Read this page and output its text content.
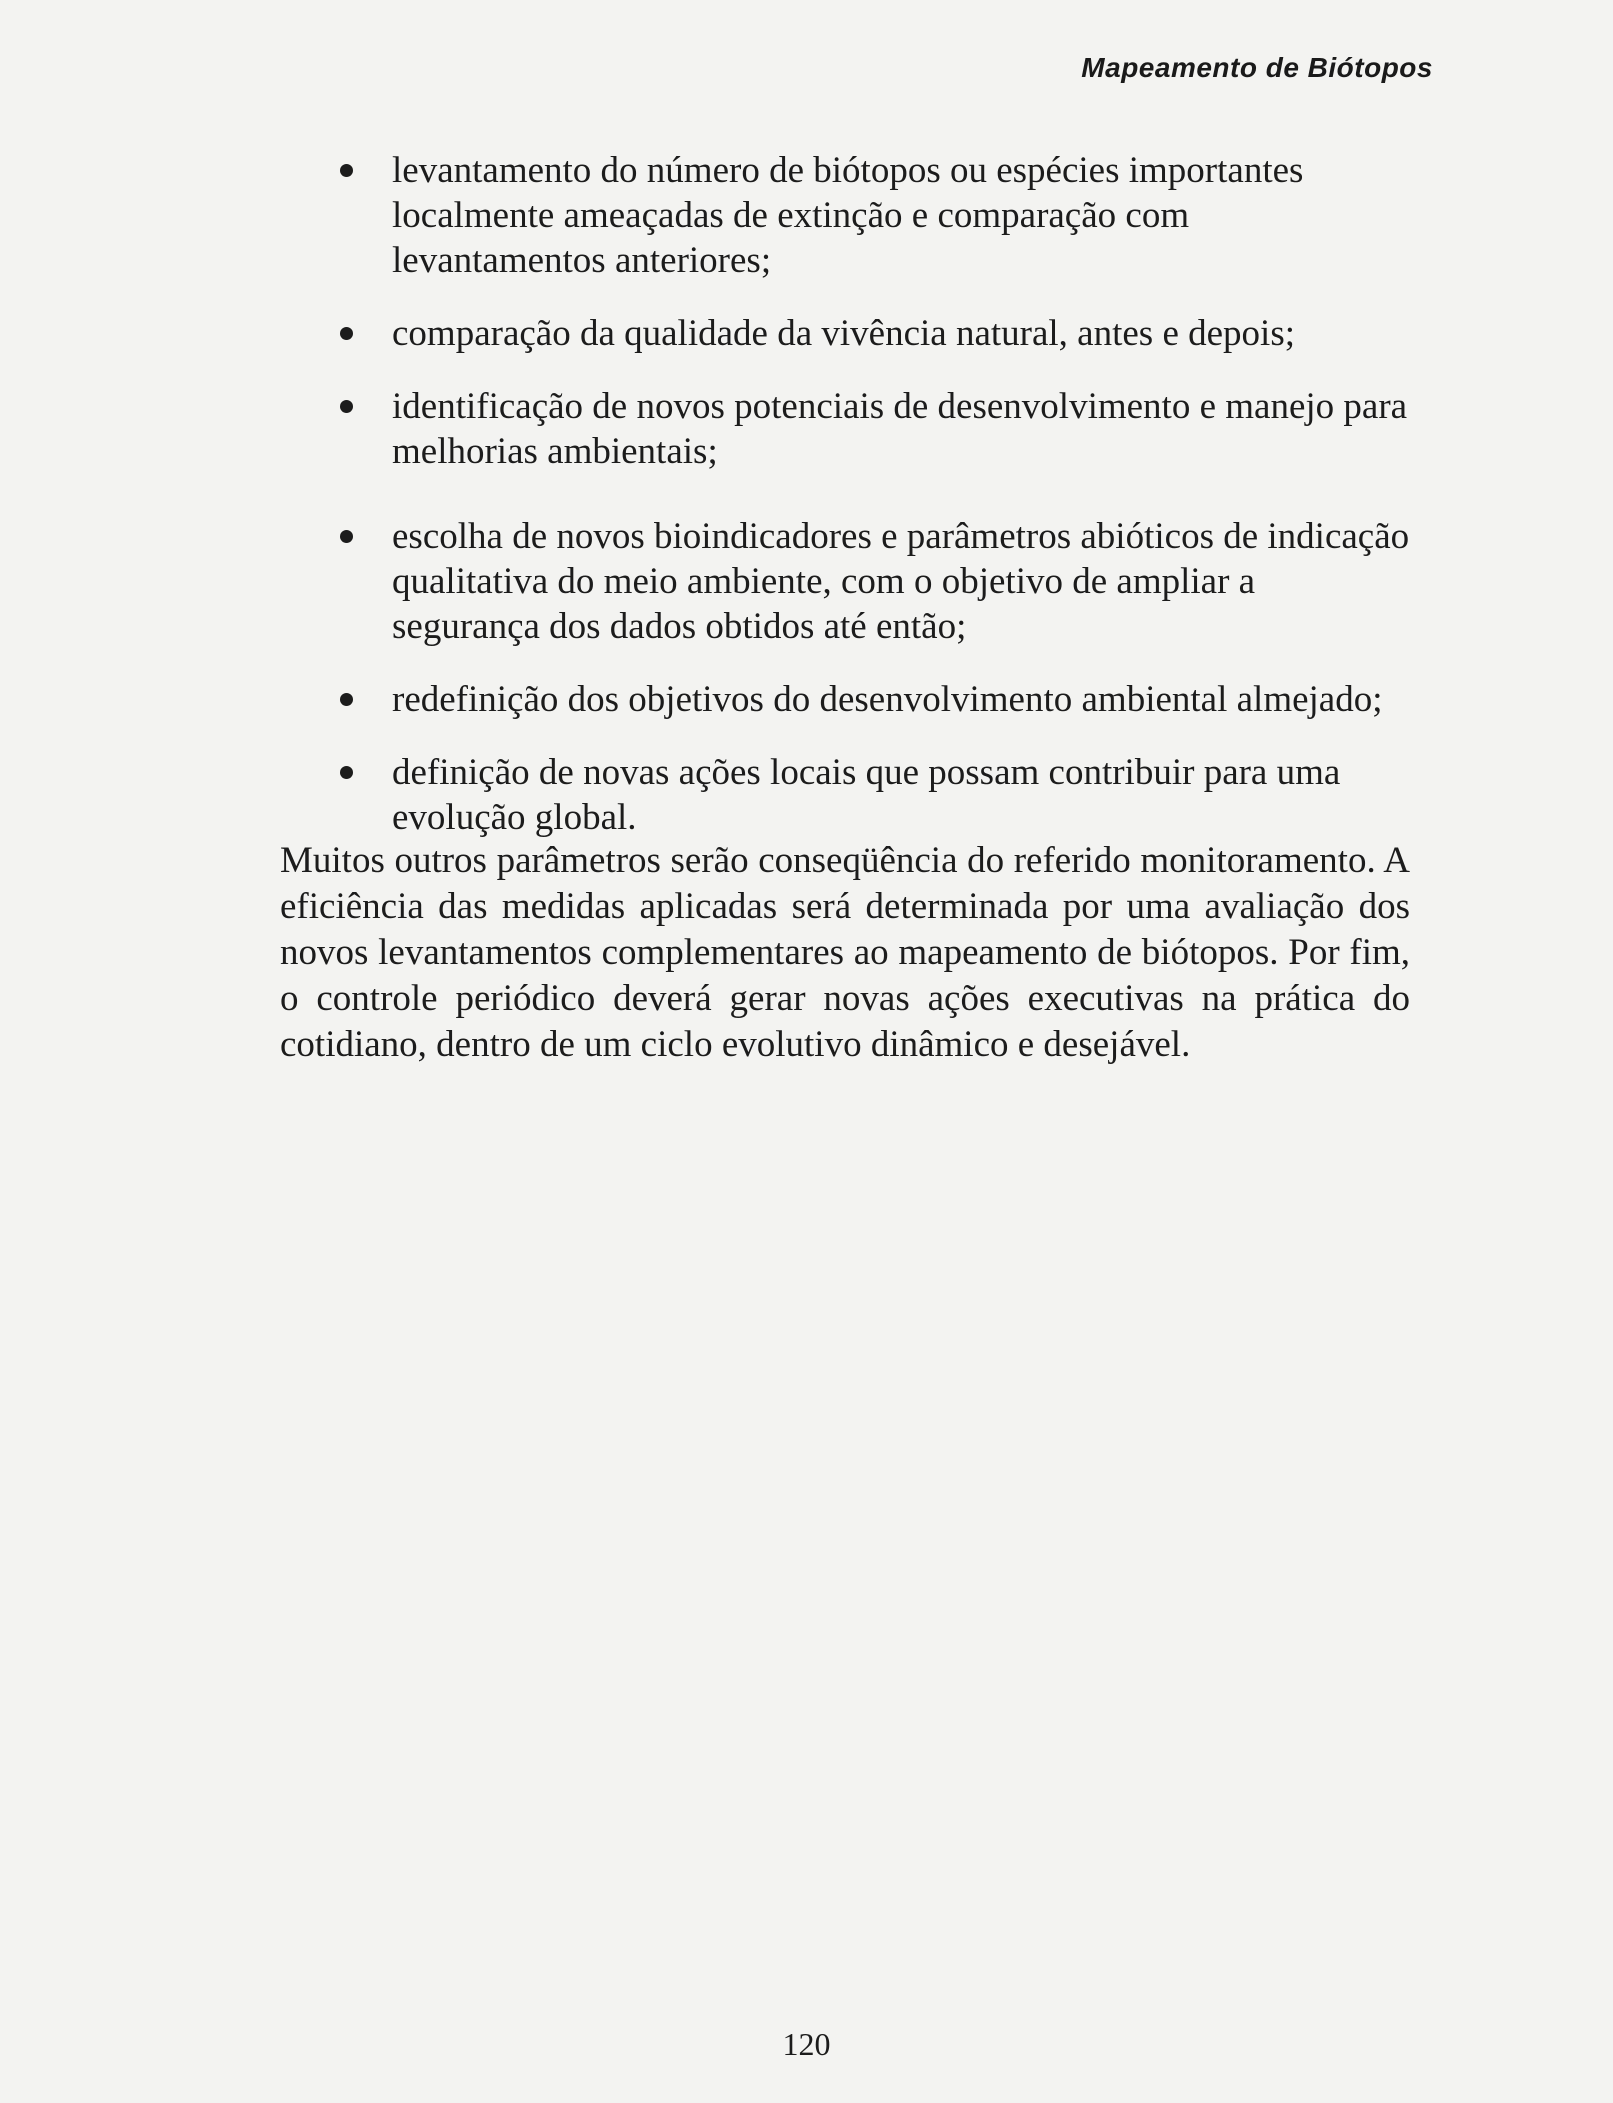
Mapeamento de Biótopos
levantamento do número de biótopos ou espécies importantes localmente ameaçadas de extinção e comparação com levantamentos anteriores;
comparação da qualidade da vivência natural, antes e depois;
identificação de novos potenciais de desenvolvimento e manejo para melhorias ambientais;
escolha de novos bioindicadores e parâmetros abióticos de indicação qualitativa do meio ambiente, com o objetivo de ampliar a segurança dos dados obtidos até então;
redefinição dos objetivos do desenvolvimento ambiental almejado;
definição de novas ações locais que possam contribuir para uma evolução global.

Muitos outros parâmetros serão conseqüência do referido monitoramento. A eficiência das medidas aplicadas será determinada por uma avaliação dos novos levantamentos complementares ao mapeamento de biótopos. Por fim, o controle periódico deverá gerar novas ações executivas na prática do cotidiano, dentro de um ciclo evolutivo dinâmico e desejável.

120
